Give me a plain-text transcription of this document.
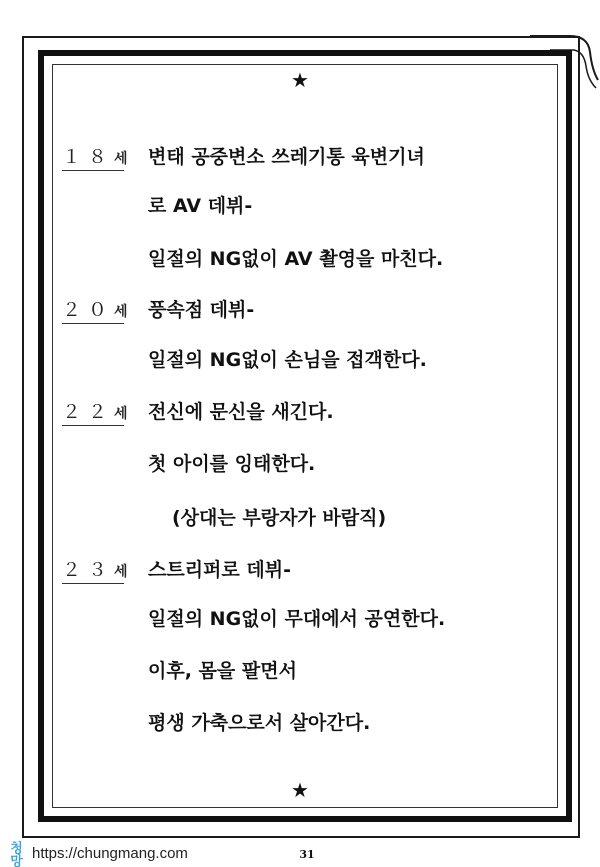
★
１８세 변태 공중변소 쓰레기통 육변기녀
로 AV 데뷔-
일절의 NG없이 AV 촬영을 마친다.
２０세 풍속점 데뷔-
일절의 NG없이 손님을 접객한다.
２２세 전신에 문신을 새긴다.
첫 아이를 잉태한다.
(상대는 부랑자가 바람직)
２３세 스트리퍼로 데뷔-
일절의 NG없이 무대에서 공연한다.
이후, 몸을 팔면서
평생 가축으로서 살아간다.
★
청망 https://chungmang.com	31
